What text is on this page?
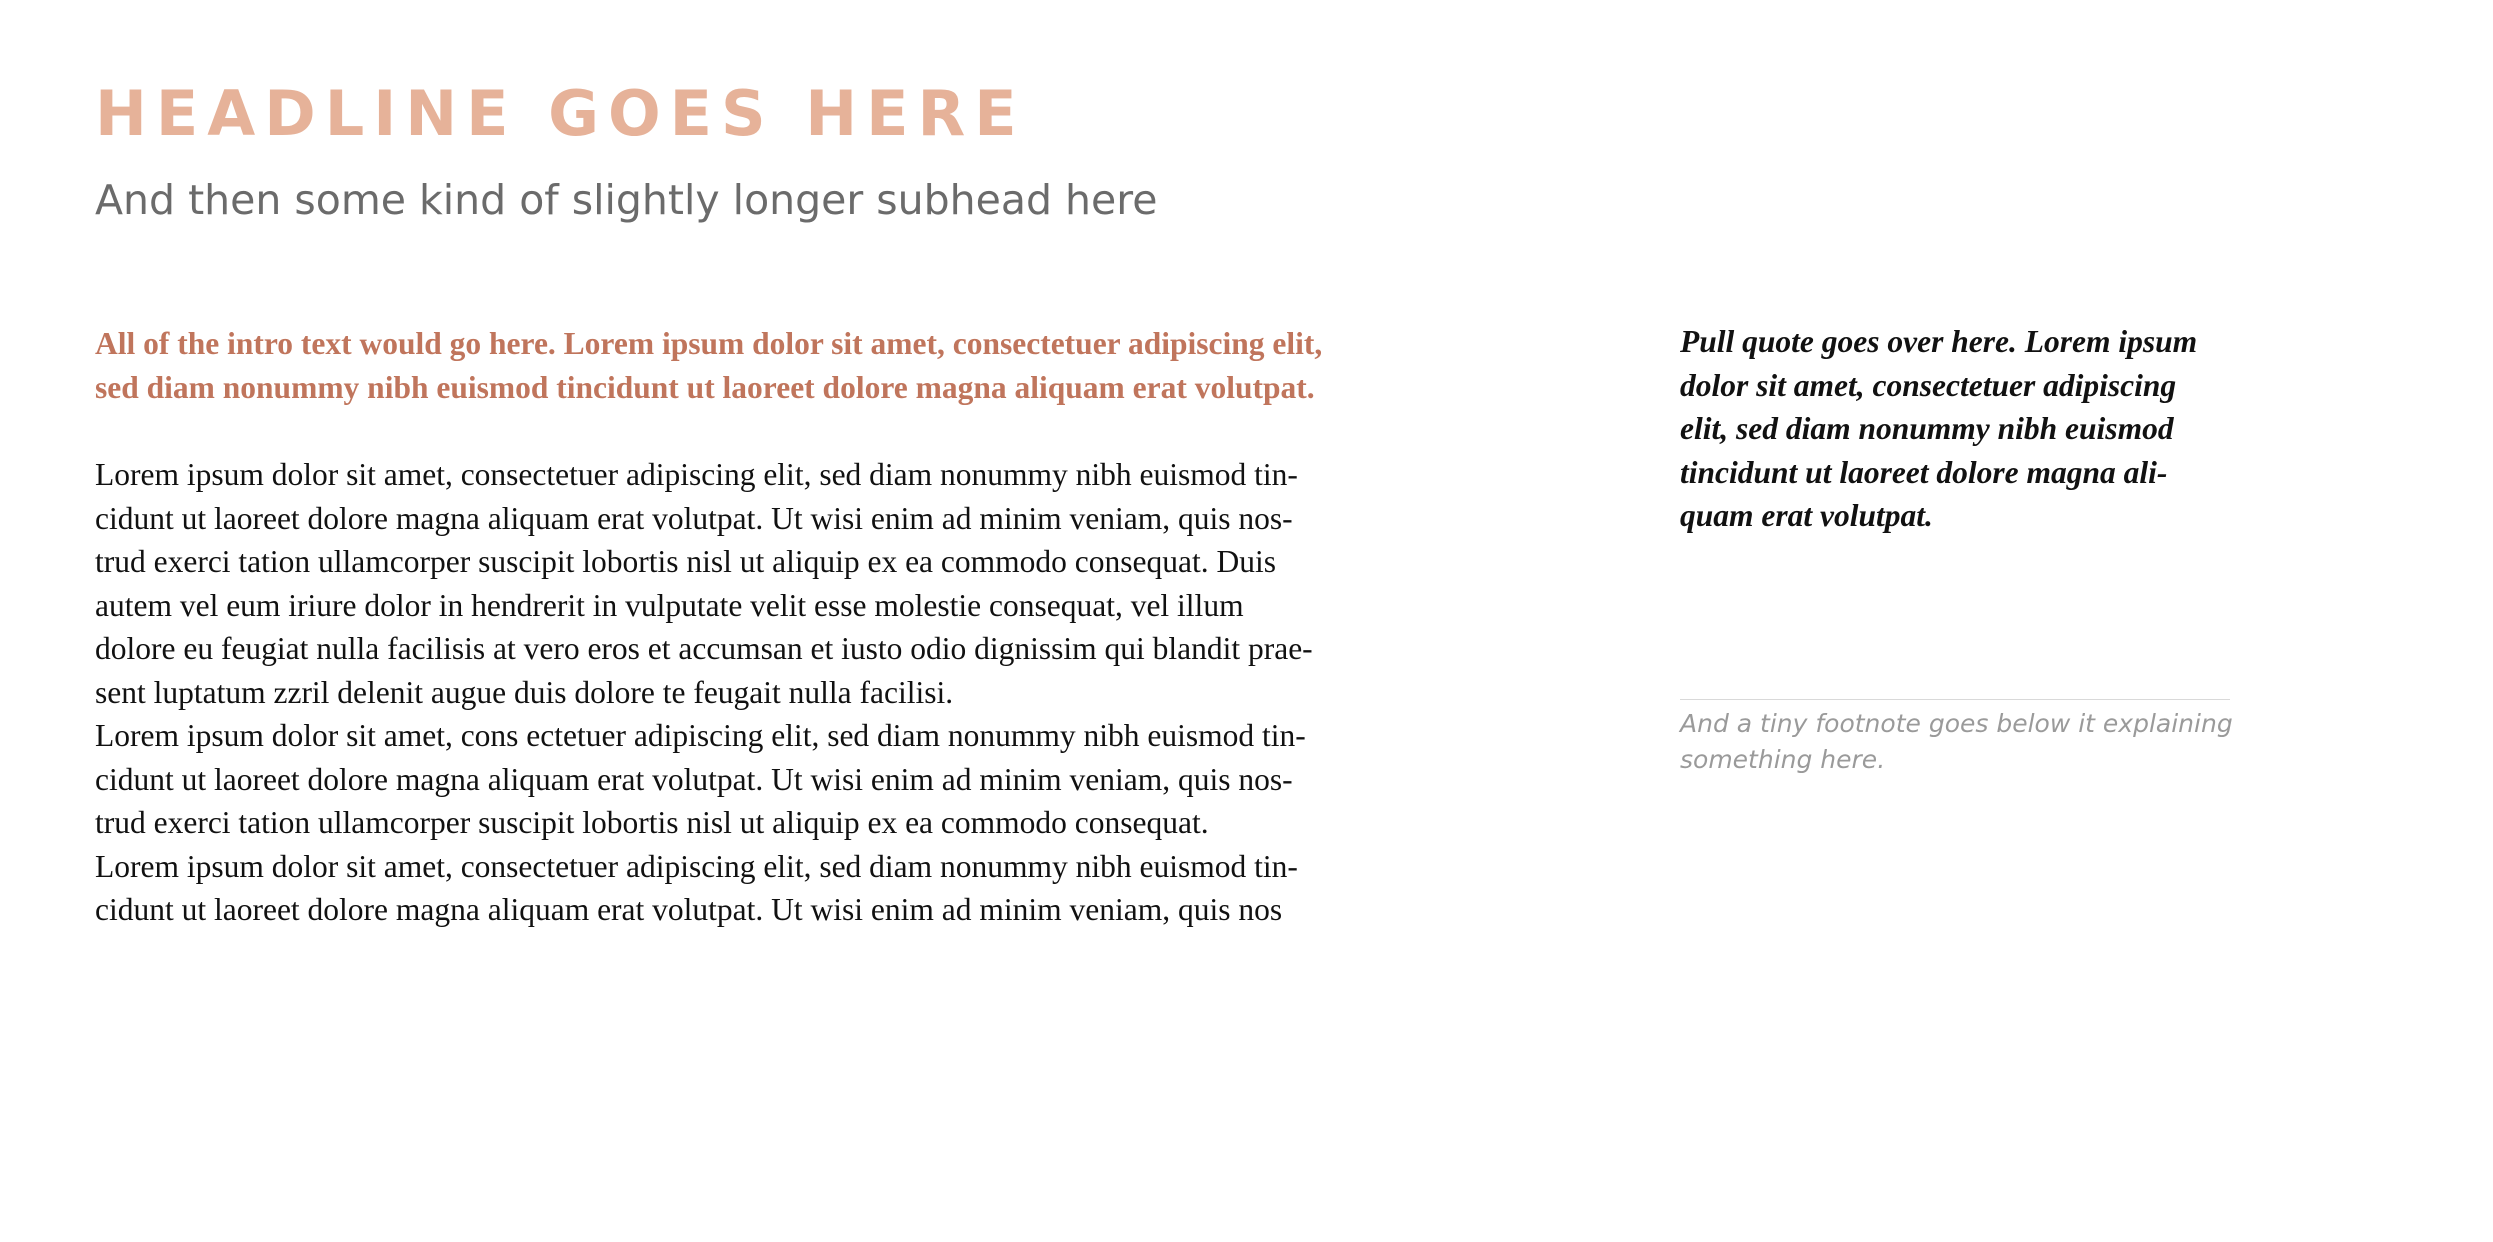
HEADLINE GOES HERE
And then some kind of slightly longer subhead here

All of the intro text would go here. Lorem ipsum dolor sit amet, consectetuer adipiscing elit,
sed diam nonummy nibh euismod tincidunt ut laoreet dolore magna aliquam erat volutpat.

Lorem ipsum dolor sit amet, consectetuer adipiscing elit, sed diam nonummy nibh euismod tin-
cidunt ut laoreet dolore magna aliquam erat volutpat. Ut wisi enim ad minim veniam, quis nos-
trud exerci tation ullamcorper suscipit lobortis nisl ut aliquip ex ea commodo consequat. Duis
autem vel eum iriure dolor in hendrerit in vulputate velit esse molestie consequat, vel illum
dolore eu feugiat nulla facilisis at vero eros et accumsan et iusto odio dignissim qui blandit prae-
sent luptatum zzril delenit augue duis dolore te feugait nulla facilisi.
Lorem ipsum dolor sit amet, cons ectetuer adipiscing elit, sed diam nonummy nibh euismod tin-
cidunt ut laoreet dolore magna aliquam erat volutpat. Ut wisi enim ad minim veniam, quis nos-
trud exerci tation ullamcorper suscipit lobortis nisl ut aliquip ex ea commodo consequat.
Lorem ipsum dolor sit amet, consectetuer adipiscing elit, sed diam nonummy nibh euismod tin-
cidunt ut laoreet dolore magna aliquam erat volutpat. Ut wisi enim ad minim veniam, quis nos
Pull quote goes over here. Lorem ipsum
dolor sit amet, consectetuer adipiscing
elit, sed diam nonummy nibh euismod
tincidunt ut laoreet dolore magna ali-
quam erat volutpat.

And a tiny footnote goes below it explaining
something here.
